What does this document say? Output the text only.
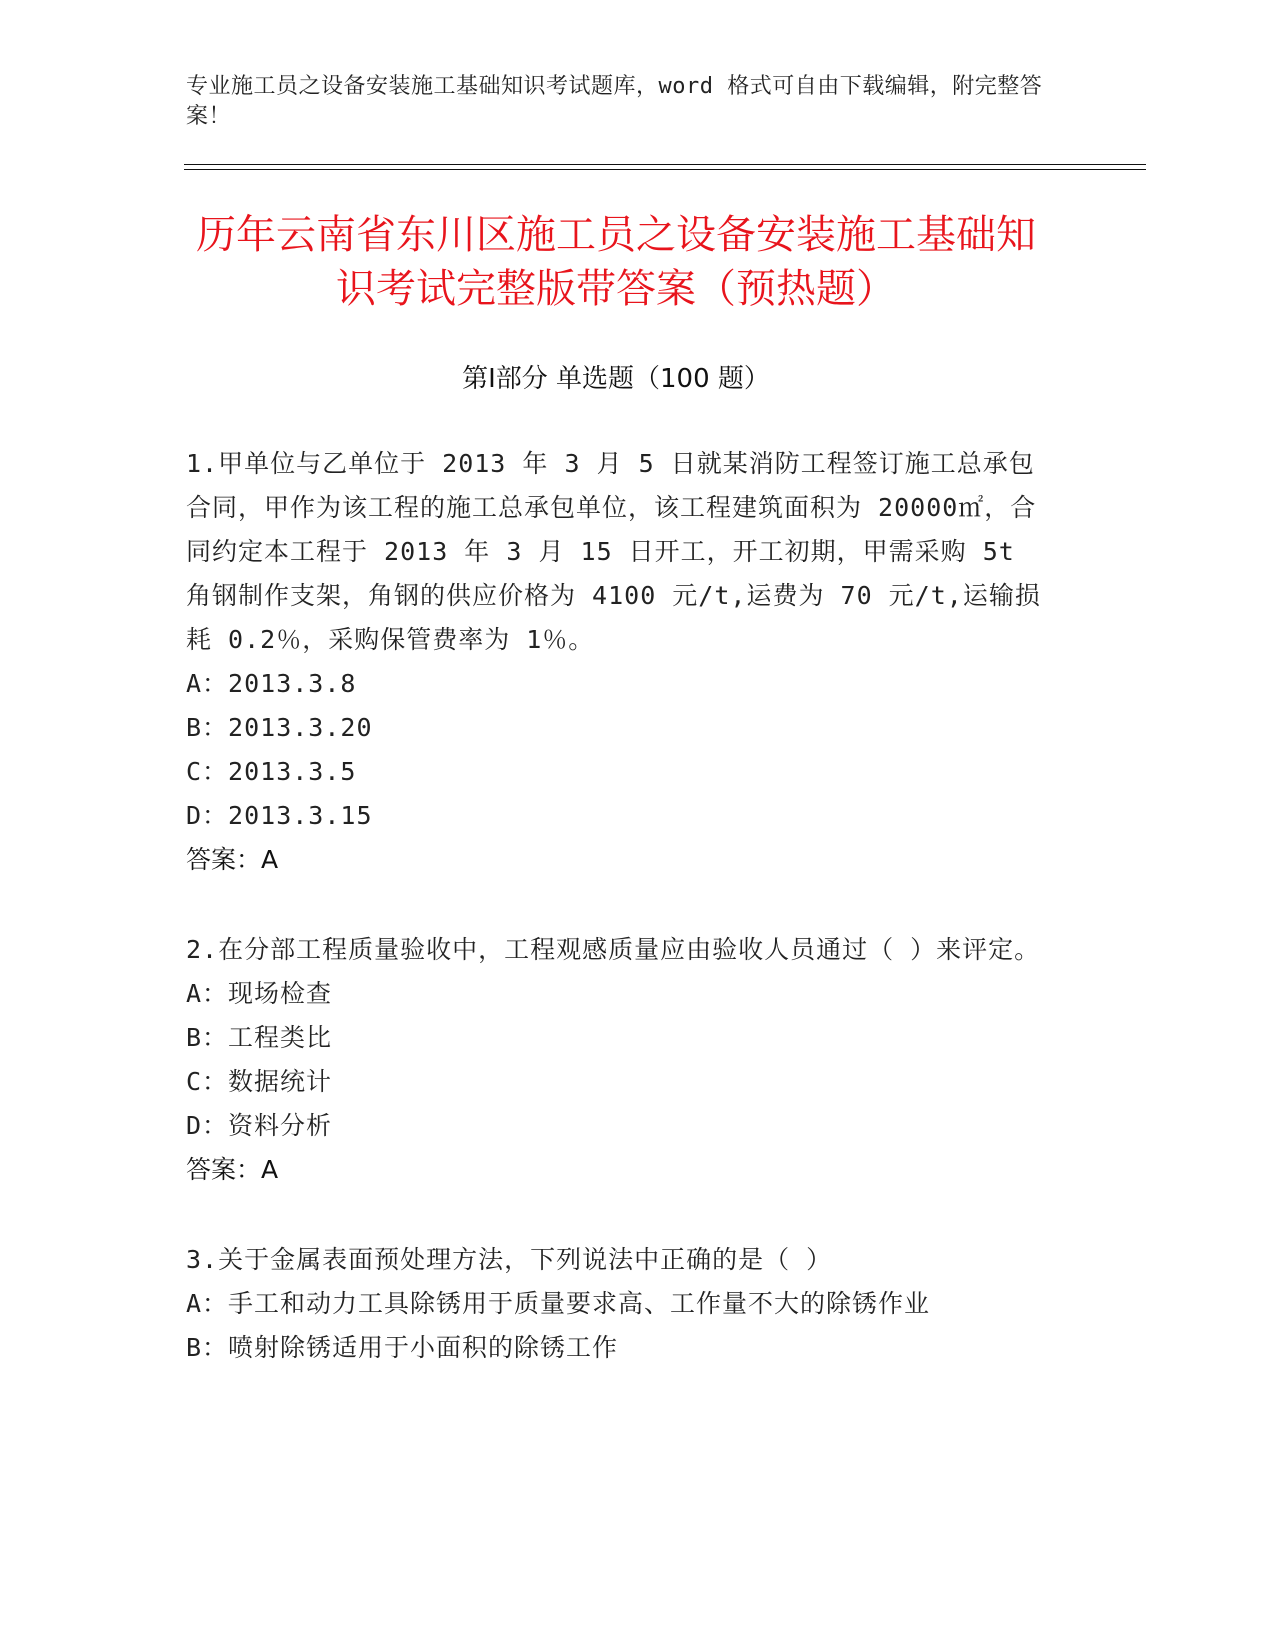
专业施工员之设备安装施工基础知识考试题库，word 格式可自由下载编辑，附完整答案！
历年云南省东川区施工员之设备安装施工基础知识考试完整版带答案（预热题）
第Ⅰ部分 单选题（100 题）
1.甲单位与乙单位于 2013 年 3 月 5 日就某消防工程签订施工总承包合同，甲作为该工程的施工总承包单位，该工程建筑面积为 20000㎡，合同约定本工程于 2013 年 3 月 15 日开工，开工初期，甲需采购 5t 角钢制作支架，角钢的供应价格为 4100 元/t,运费为 70 元/t,运输损耗 0.2％，采购保管费率为 1％。
A：2013.3.8
B：2013.3.20
C：2013.3.5
D：2013.3.15
答案：A
2.在分部工程质量验收中，工程观感质量应由验收人员通过（ ）来评定。
A：现场检查
B：工程类比
C：数据统计
D：资料分析
答案：A
3.关于金属表面预处理方法，下列说法中正确的是（ ）
A：手工和动力工具除锈用于质量要求高、工作量不大的除锈作业
B：喷射除锈适用于小面积的除锈工作
